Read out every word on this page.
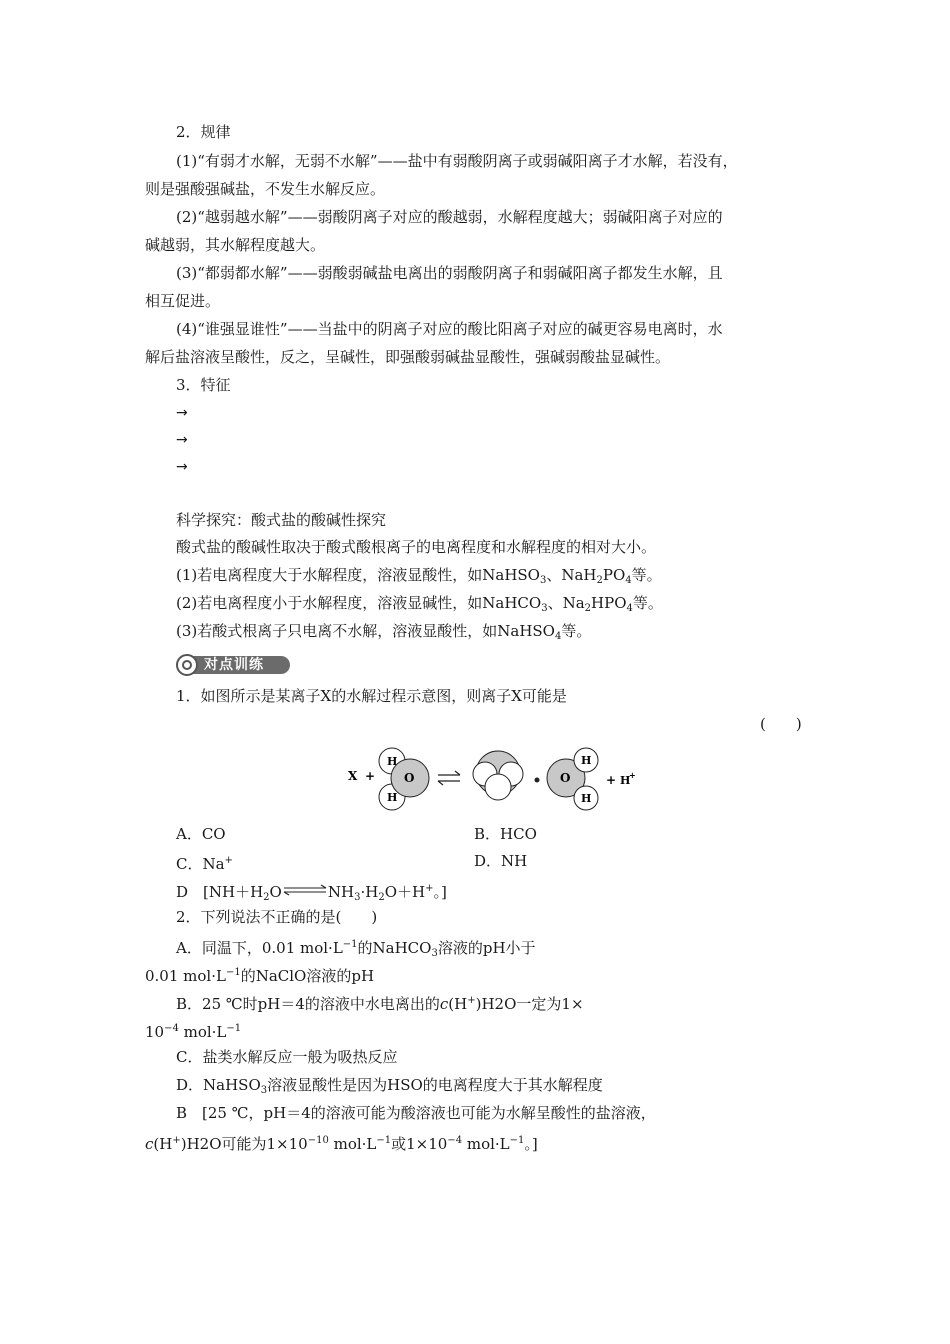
2．规律
(1)“有弱才水解，无弱不水解”——盐中有弱酸阴离子或弱碱阳离子才水解，若没有，
则是强酸强碱盐，不发生水解反应。
(2)“越弱越水解”——弱酸阴离子对应的酸越弱，水解程度越大；弱碱阳离子对应的
碱越弱，其水解程度越大。
(3)“都弱都水解”——弱酸弱碱盐电离出的弱酸阴离子和弱碱阳离子都发生水解，且
相互促进。
(4)“谁强显谁性”——当盐中的阴离子对应的酸比阳离子对应的碱更容易电离时，水
解后盐溶液呈酸性，反之，呈碱性，即强酸弱碱盐显酸性，强碱弱酸盐显碱性。
3．特征
→
→
→
科学探究：酸式盐的酸碱性探究
酸式盐的酸碱性取决于酸式酸根离子的电离程度和水解程度的相对大小。
(1)若电离程度大于水解程度，溶液显酸性，如NaHSO$_3$、$NaH_2PO_4$等。
(2)若电离程度小于水解程度，溶液显碱性，如NaHCO$_3$、$Na_2HPO_4$等。
(3)若酸式根离子只电离不水解，溶液显酸性，如NaHSO$_4$等。
对点训练
1．如图所示是某离子X的水解过程示意图，则离子X可能是
(　　)
X +
H
H
O	O
H
H
+ H
+
A．CO	B．HCO
C．Na+	D．NH
D　[$NH+H_2O$	$NH_3\cdot H_2O+H^+$。]
2．下列说法不正确的是(　　)
A．同温下，0.01 $mol\cdot L^{-1}$的NaHCO$_3$溶液的pH小于
0.01 $mol\cdot L^{-1}$的NaClO溶液的pH
B．25 ℃时pH＝4的溶液中水电离出的c(H+)H2O一定为1×
$10^{-4}$ $mol\cdot L^{-1}$
C．盐类水解反应一般为吸热反应
D．NaHSO$_3$溶液显酸性是因为HSO的电离程度大于其水解程度
B　[25 ℃，pH＝4的溶液可能为酸溶液也可能为水解呈酸性的盐溶液，
c(H+)H2O可能为$1\times 10^{-10}$ $mol\cdot L^{-1}$或$1\times 10^{-4}$ $mol\cdot L^{-1}$。]
